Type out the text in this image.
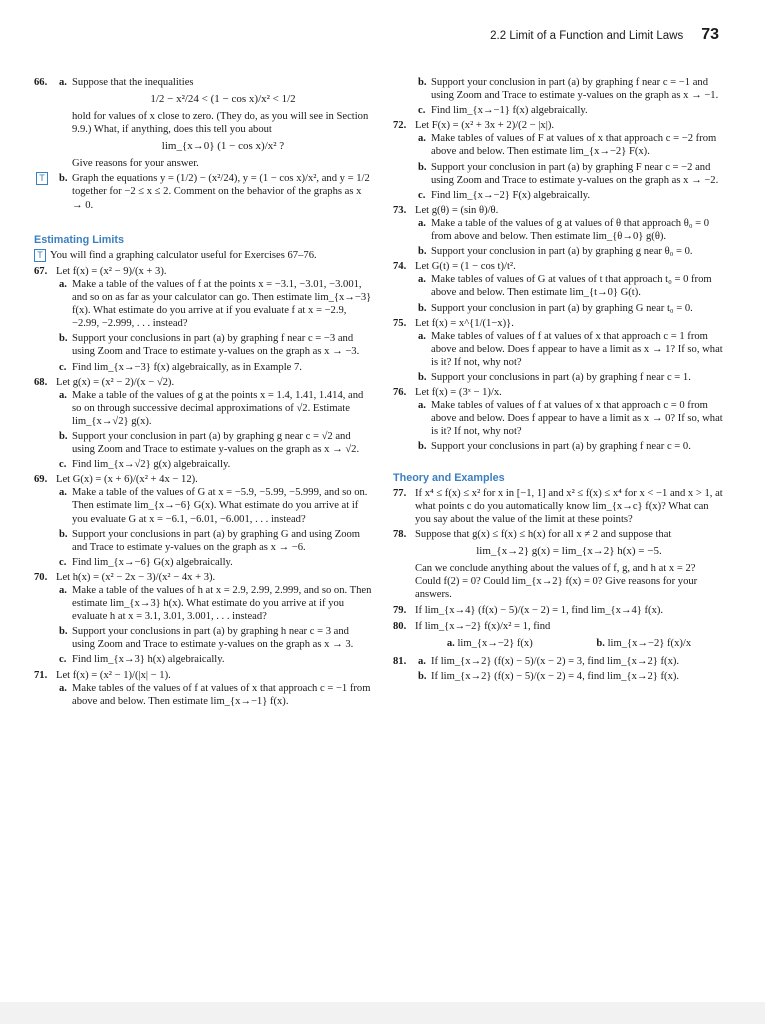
2.2 Limit of a Function and Limit Laws 73
66. a. Suppose that the inequalities
1/2 − x²/24 < (1 − cos x)/x² < 1/2
hold for values of x close to zero. (They do, as you will see in Section 9.9.) What, if anything, does this tell you about
lim_{x→0} (1 − cos x)/x² ?
Give reasons for your answer.
T	b. Graph the equations y = (1/2) − (x²/24), y = (1 − cos x)/x², and y = 1/2 together for −2 ≤ x ≤ 2. Comment on the behavior of the graphs as x → 0.
Estimating Limits
T You will find a graphing calculator useful for Exercises 67–76.
67. Let f(x) = (x² − 9)/(x + 3).
a. Make a table of the values of f at the points x = −3.1, −3.01, −3.001, and so on as far as your calculator can go. Then estimate lim_{x→−3} f(x). What estimate do you arrive at if you evaluate f at x = −2.9, −2.99, −2.999, . . . instead?
b. Support your conclusions in part (a) by graphing f near c = −3 and using Zoom and Trace to estimate y-values on the graph as x → −3.
c. Find lim_{x→−3} f(x) algebraically, as in Example 7.
68. Let g(x) = (x² − 2)/(x − √2).
a. Make a table of the values of g at the points x = 1.4, 1.41, 1.414, and so on through successive decimal approximations of √2. Estimate lim_{x→√2} g(x).
b. Support your conclusion in part (a) by graphing g near c = √2 and using Zoom and Trace to estimate y-values on the graph as x → √2.
c. Find lim_{x→√2} g(x) algebraically.
69. Let G(x) = (x + 6)/(x² + 4x − 12).
a. Make a table of the values of G at x = −5.9, −5.99, −5.999, and so on. Then estimate lim_{x→−6} G(x). What estimate do you arrive at if you evaluate G at x = −6.1, −6.01, −6.001, . . . instead?
b. Support your conclusions in part (a) by graphing G and using Zoom and Trace to estimate y-values on the graph as x → −6.
c. Find lim_{x→−6} G(x) algebraically.
70. Let h(x) = (x² − 2x − 3)/(x² − 4x + 3).
a. Make a table of the values of h at x = 2.9, 2.99, 2.999, and so on. Then estimate lim_{x→3} h(x). What estimate do you arrive at if you evaluate h at x = 3.1, 3.01, 3.001, . . . instead?
b. Support your conclusions in part (a) by graphing h near c = 3 and using Zoom and Trace to estimate y-values on the graph as x → 3.
c. Find lim_{x→3} h(x) algebraically.
71. Let f(x) = (x² − 1)/(|x| − 1).
a. Make tables of the values of f at values of x that approach c = −1 from above and below. Then estimate lim_{x→−1} f(x).
b. Support your conclusion in part (a) by graphing f near c = −1 and using Zoom and Trace to estimate y-values on the graph as x → −1.
c. Find lim_{x→−1} f(x) algebraically.
72. Let F(x) = (x² + 3x + 2)/(2 − |x|).
a. Make tables of values of F at values of x that approach c = −2 from above and below. Then estimate lim_{x→−2} F(x).
b. Support your conclusion in part (a) by graphing F near c = −2 and using Zoom and Trace to estimate y-values on the graph as x → −2.
c. Find lim_{x→−2} F(x) algebraically.
73. Let g(θ) = (sin θ)/θ.
a. Make a table of the values of g at values of θ that approach θ₀ = 0 from above and below. Then estimate lim_{θ→0} g(θ).
b. Support your conclusion in part (a) by graphing g near θ₀ = 0.
74. Let G(t) = (1 − cos t)/t².
a. Make tables of values of G at values of t that approach t₀ = 0 from above and below. Then estimate lim_{t→0} G(t).
b. Support your conclusion in part (a) by graphing G near t₀ = 0.
75. Let f(x) = x^{1/(1−x)}.
a. Make tables of values of f at values of x that approach c = 1 from above and below. Does f appear to have a limit as x → 1? If so, what is it? If not, why not?
b. Support your conclusions in part (a) by graphing f near c = 1.
76. Let f(x) = (3ˣ − 1)/x.
a. Make tables of values of f at values of x that approach c = 0 from above and below. Does f appear to have a limit as x → 0? If so, what is it? If not, why not?
b. Support your conclusions in part (a) by graphing f near c = 0.
Theory and Examples
77. If x⁴ ≤ f(x) ≤ x² for x in [−1, 1] and x² ≤ f(x) ≤ x⁴ for x < −1 and x > 1, at what points c do you automatically know lim_{x→c} f(x)? What can you say about the value of the limit at these points?
78. Suppose that g(x) ≤ f(x) ≤ h(x) for all x ≠ 2 and suppose that
lim_{x→2} g(x) = lim_{x→2} h(x) = −5.
Can we conclude anything about the values of f, g, and h at x = 2? Could f(2) = 0? Could lim_{x→2} f(x) = 0? Give reasons for your answers.
79. If lim_{x→4} (f(x) − 5)/(x − 2) = 1, find lim_{x→4} f(x).
80. If lim_{x→−2} f(x)/x² = 1, find
a. lim_{x→−2} f(x)	b. lim_{x→−2} f(x)/x
81. a. If lim_{x→2} (f(x) − 5)/(x − 2) = 3, find lim_{x→2} f(x).
b. If lim_{x→2} (f(x) − 5)/(x − 2) = 4, find lim_{x→2} f(x).
